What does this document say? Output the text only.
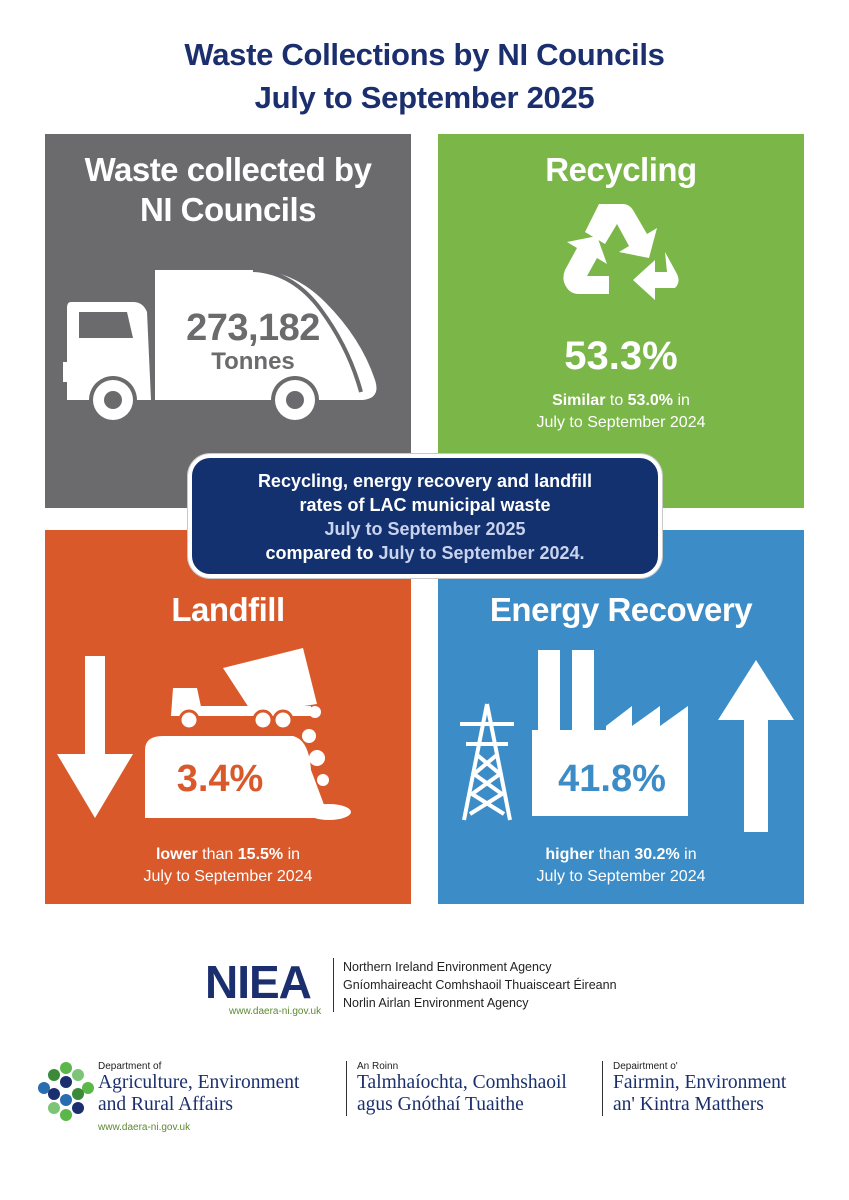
Waste Collections by NI Councils
July to September 2025
Waste collected by
NI Councils
273,182
Tonnes
Recycling
53.3%
Similar to 53.0% in
July to September 2024
Landfill
3.4%
lower than 15.5% in
July to September 2024
Energy Recovery
41.8%
higher than 30.2% in
July to September 2024
Recycling, energy recovery and landfill
rates of LAC municipal waste
July to September 2025
compared to July to September 2024.
NIEA
www.daera-ni.gov.uk
Northern Ireland Environment Agency
Gníomhaireacht Comhshaoil Thuaisceart Éireann
Norlin Airlan Environment Agency
Department of
Agriculture, Environment
and Rural Affairs
www.daera-ni.gov.uk
An Roinn
Talmhaíochta, Comhshaoil
agus Gnóthaí Tuaithe
Depairtment o'
Fairmin, Environment
an' Kintra Matthers
